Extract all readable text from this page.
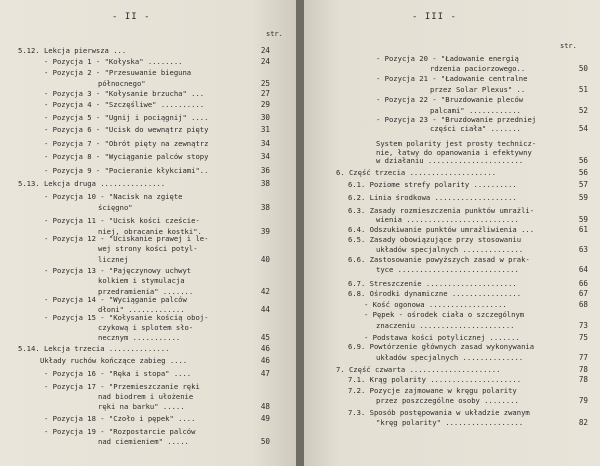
- II -
str.
5.12. Lekcja pierwsza ...	24
- Pozycja 1 - "Kołyska" ........	24
- Pozycja 2 - "Przesuwanie bieguna
północnego"	25
- Pozycja 3 - "Kołysanie brzucha" ...	27
- Pozycja 4 - "Szczęśliwe" ..........	29
- Pozycja 5 - "Ugnij i pociągnij" ....	30
- Pozycja 6 - "Ucisk do wewnątrz pięty	31
- Pozycja 7 - "Obrót pięty na zewnątrz	34
- Pozycja 8 - "Wyciąganie palców stopy	34
- Pozycja 9 - "Pocieranie kłykciami"..	36
5.13. Lekcja druga ...............	38
- Pozycja 10 - "Nacisk na zgięte
ścięgno"	38
- Pozycja 11 - "Ucisk kości czeście-
niej, obracanie kostki".	39
- Pozycja 12 - "Uciskanie prawej i le-
wej strony kości potyl-
licznej	40
- Pozycja 13 - "Pajęczynowy uchwyt
kolkiem i stymulacja
przedramienia" .......	42
- Pozycja 14 - "Wyciąganie palców
dłoni" .............	44
- Pozycja 15 - "Kołysanie kością oboj-
czykową i splotem sło-
necznym ...........	45
5.14. Lekcja trzecia ..............	46
Układy ruchów kończące zabieg ....	46
- Pozycja 16 - "Ręka i stopa" ....	47
- Pozycja 17 - "Przemieszczanie ręki
nad biodrem i ułożenie
ręki na barku" .....	48
- Pozycja 18 - "Czoło i pępek" ....	49
- Pozycja 19 - "Rozpostarcie palców
nad ciemieniem" .....	50
- III -
str.
- Pozycja 20 - "Ładowanie energią
rdzenia paciorzowego..	50
- Pozycja 21 - "Ładowanie centralne
przez Solar Plexus" ..	51
- Pozycja 22 - "Bruzdowanie pleców
palcami" ............	52
- Pozycja 23 - "Bruzdowanie przedniej
części ciała" .......	54
System polarity jest prosty technicz-
nie, łatwy do opanowania i efektywny
w działaniu ......................	56
6. Część trzecia ....................	56
6.1. Poziome strefy polarity ..........	57
6.2. Linia środkowa ...................	59
6.3. Zasady rozmieszczenia punktów umrażli-
wienia ..........................	59
6.4. Odszukiwanie punktów umrażliwienia ...	61
6.5. Zasady obowiązujące przy stosowaniu
układów specjalnych ..............	63
6.6. Zastosowanie powyższych zasad w prak-
tyce ............................	64
6.7. Streszczenie .....................	66
6.8. Ośrodki dynamiczne ................	67
- Kość ogonowa ..................	68
- Pępek - ośrodek ciała o szczególnym
znaczeniu ......................	73
- Podstawa kości potylicznej .......	75
6.9. Powtórzenie głównych zasad wykonywania
układów specjalnych ..............	77
7. Część czwarta .....................	78
7.1. Krąg polarity .....................	78
7.2. Pozycje zajmowane w kręgu polarity
przez poszczególne osoby ........	79
7.3. Sposób postępowania w układzie zwanym
"kręg polarity" ..................	82
